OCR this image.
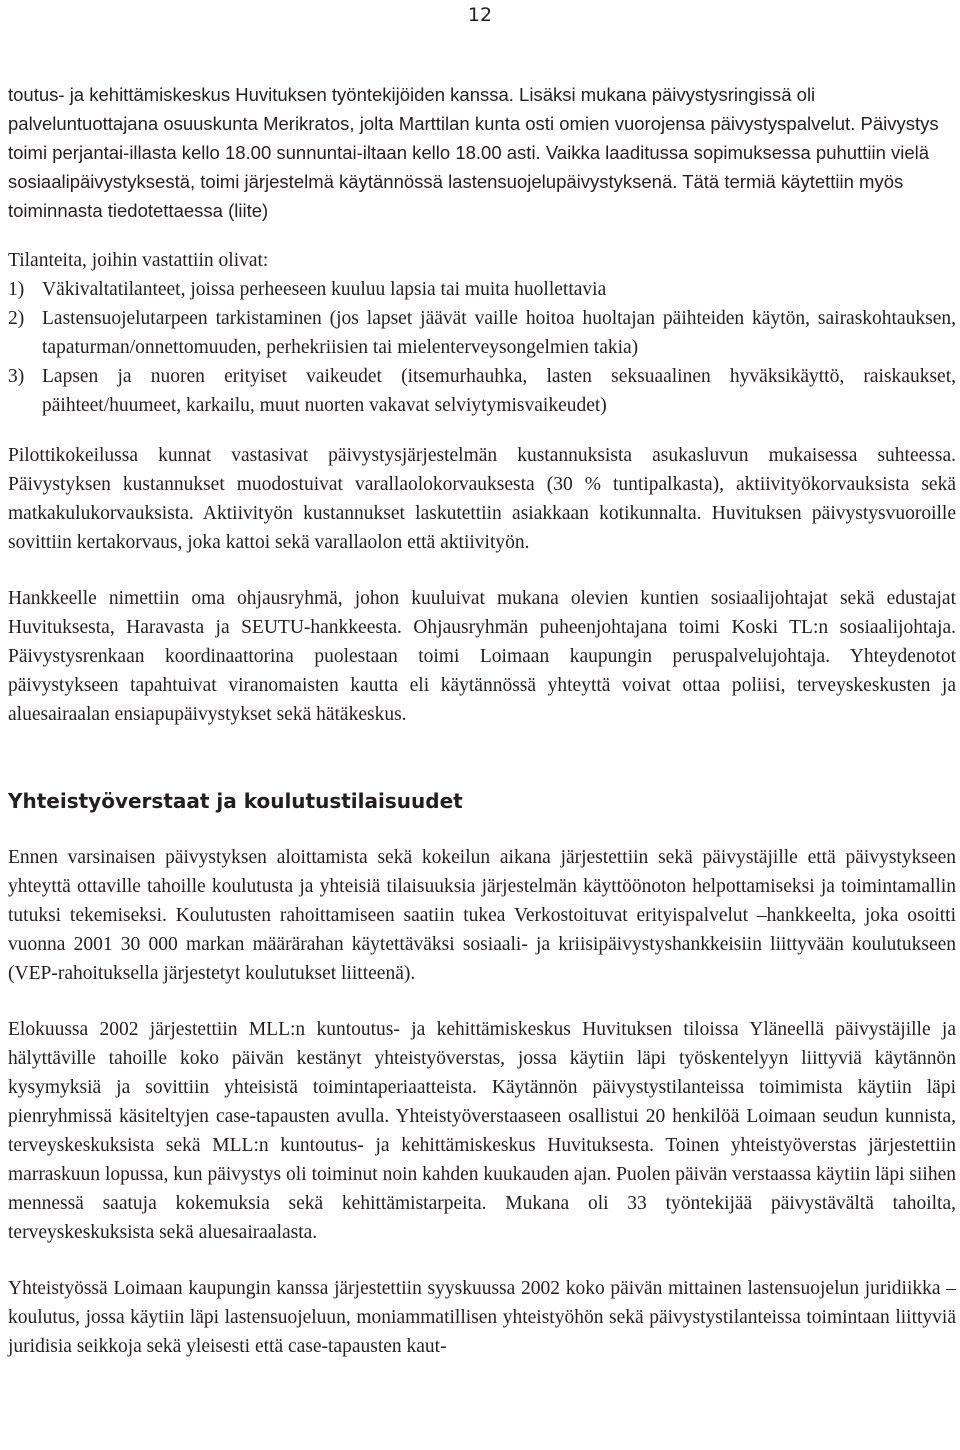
12

toutus- ja kehittämiskeskus Huvituksen työntekijöiden kanssa. Lisäksi mukana päivystysringissä oli palveluntuottajana osuuskunta Merikratos, jolta Marttilan kunta osti omien vuorojensa päivystyspalvelut. Päivystys toimi perjantai-illasta kello 18.00 sunnuntai-iltaan kello 18.00 asti. Vaikka laaditussa sopimuksessa puhuttiin vielä sosiaalipäivystyksestä, toimi järjestelmä käytännössä lastensuojelupäivystyksenä. Tätä termiä käytettiin myös toiminnasta tiedotettaessa (liite)

Tilanteita, joihin vastattiin olivat:

1) Väkivaltatilanteet, joissa perheeseen kuuluu lapsia tai muita huollettavia
2) Lastensuojelutarpeen tarkistaminen (jos lapset jäävät vaille hoitoa huoltajan päihteiden käytön, sairaskohtauksen, tapaturman/onnettomuuden, perhekriisien tai mielenterveysongelmien takia)
3) Lapsen ja nuoren erityiset vaikeudet (itsemurhauhka, lasten seksuaalinen hyväksikäyttö, raiskaukset, päihteet/huumeet, karkailu, muut nuorten vakavat selviytymisvaikeudet)

Pilottikokeilussa kunnat vastasivat päivystysjärjestelmän kustannuksista asukasluvun mukaisessa suhteessa. Päivystyksen kustannukset muodostuivat varallaolokorvauksesta (30 % tuntipalkasta), aktiivityökorvauksista sekä matkakulukorvauksista. Aktiivityön kustannukset laskutettiin asiakkaan kotikunnalta. Huvituksen päivystysvuoroille sovittiin kertakorvaus, joka kattoi sekä varallaolon että aktiivityön.

Hankkeelle nimettiin oma ohjausryhmä, johon kuuluivat mukana olevien kuntien sosiaalijohtajat sekä edustajat Huvituksesta, Haravasta ja SEUTU-hankkeesta. Ohjausryhmän puheenjohtajana toimi Koski TL:n sosiaalijohtaja. Päivystysrenkaan koordinaattorina puolestaan toimi Loimaan kaupungin peruspalvelujohtaja. Yhteydenotot päivystykseen tapahtuivat viranomaisten kautta eli käytännössä yhteyttä voivat ottaa poliisi, terveyskeskusten ja aluesairaalan ensiapupäivystykset sekä hätäkeskus.

Yhteistyöverstaat ja koulutustilaisuudet

Ennen varsinaisen päivystyksen aloittamista sekä kokeilun aikana järjestettiin sekä päivystäjille että päivystykseen yhteyttä ottaville tahoille koulutusta ja yhteisiä tilaisuuksia järjestelmän käyttöönoton helpottamiseksi ja toimintamallin tutuksi tekemiseksi. Koulutusten rahoittamiseen saatiin tukea Verkostoituvat erityispalvelut –hankkeelta, joka osoitti vuonna 2001 30 000 markan määrärahan käytettäväksi sosiaali- ja kriisipäivystyshankkeisiin liittyvään koulutukseen (VEP-rahoituksella järjestetyt koulutukset liitteenä).

Elokuussa 2002 järjestettiin MLL:n kuntoutus- ja kehittämiskeskus Huvituksen tiloissa Yläneellä päivystäjille ja hälyttäville tahoille koko päivän kestänyt yhteistyöverstas, jossa käytiin läpi työskentelyyn liittyviä käytännön kysymyksiä ja sovittiin yhteisistä toimintaperiaatteista. Käytännön päivystystilanteissa toimimista käytiin läpi pienryhmissä käsiteltyjen case-tapausten avulla. Yhteistyöverstaaseen osallistui 20 henkilöä Loimaan seudun kunnista, terveyskeskuksista sekä MLL:n kuntoutus- ja kehittämiskeskus Huvituksesta. Toinen yhteistyöverstas järjestettiin marraskuun lopussa, kun päivystys oli toiminut noin kahden kuukauden ajan. Puolen päivän verstaassa käytiin läpi siihen mennessä saatuja kokemuksia sekä kehittämistarpeita. Mukana oli 33 työntekijää päivystävältä tahoilta, terveyskeskuksista sekä aluesairaalasta.

Yhteistyössä Loimaan kaupungin kanssa järjestettiin syyskuussa 2002 koko päivän mittainen lastensuojelun juridiikka –koulutus, jossa käytiin läpi lastensuojeluun, moniammatillisen yhteistyöhön sekä päivystystilanteissa toimintaan liittyviä juridisia seikkoja sekä yleisesti että case-tapausten kaut-
